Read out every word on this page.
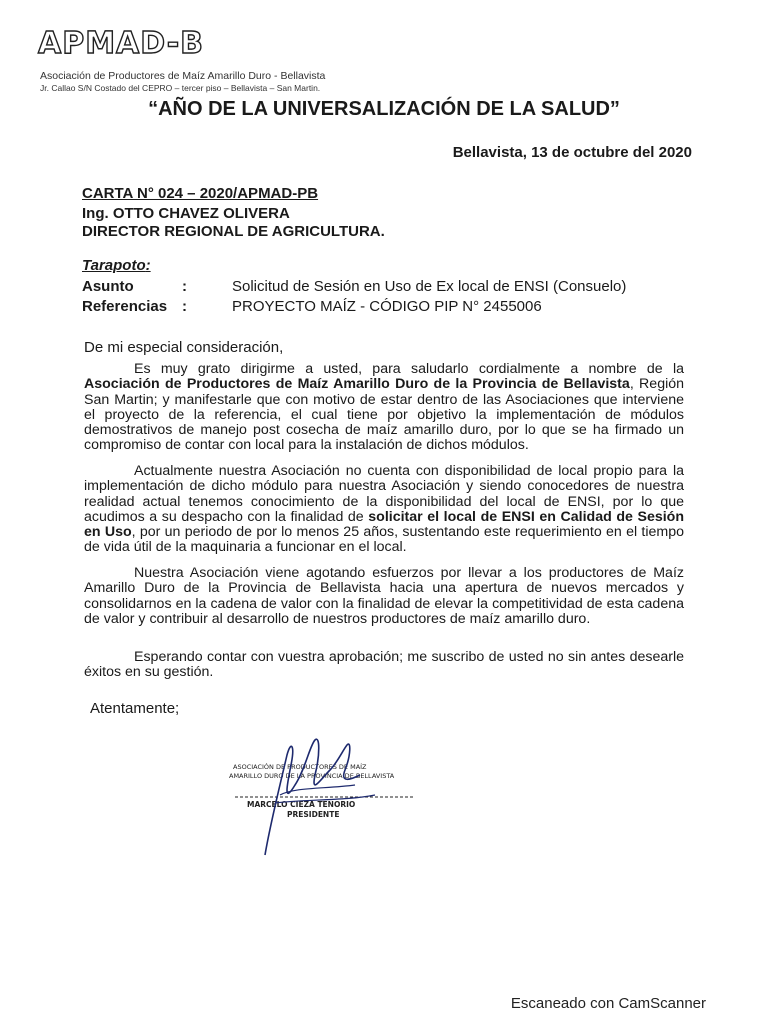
APMAD-B
Asociación de Productores de Maíz Amarillo Duro - Bellavista
Jr. Callao S/N Costado del CEPRO – tercer piso – Bellavista – San Martin.
“AÑO DE LA UNIVERSALIZACIÓN DE LA SALUD”
Bellavista, 13 de octubre del 2020
CARTA N° 024 – 2020/APMAD-PB
Ing. OTTO CHAVEZ OLIVERA
DIRECTOR REGIONAL DE AGRICULTURA.
Tarapoto:
Asunto	:	Solicitud de Sesión en Uso de Ex local de ENSI (Consuelo)
Referencias :	PROYECTO MAÍZ - CÓDIGO PIP N° 2455006
De mi especial consideración,
Es muy grato dirigirme a usted, para saludarlo cordialmente a nombre de la Asociación de Productores de Maíz Amarillo Duro de la Provincia de Bellavista, Región San Martin; y manifestarle que con motivo de estar dentro de las Asociaciones que interviene el proyecto de la referencia, el cual tiene por objetivo la implementación de módulos demostrativos de manejo post cosecha de maíz amarillo duro, por lo que se ha firmado un compromiso de contar con local para la instalación de dichos módulos.
Actualmente nuestra Asociación no cuenta con disponibilidad de local propio para la implementación de dicho módulo para nuestra Asociación y siendo conocedores de nuestra realidad actual tenemos conocimiento de la disponibilidad del local de ENSI, por lo que acudimos a su despacho con la finalidad de solicitar el local de ENSI en Calidad de Sesión en Uso, por un periodo de por lo menos 25 años, sustentando este requerimiento en el tiempo de vida útil de la maquinaria a funcionar en el local.
Nuestra Asociación viene agotando esfuerzos por llevar a los productores de Maíz Amarillo Duro de la Provincia de Bellavista hacia una apertura de nuevos mercados y consolidarnos en la cadena de valor con la finalidad de elevar la competitividad de esta cadena de valor y contribuir al desarrollo de nuestros productores de maíz amarillo duro.
Esperando contar con vuestra aprobación; me suscribo de usted no sin antes desearle éxitos en su gestión.
Atentamente;
ASOCIACIÓN DE PRODUCTORES DE MAÍZ
AMARILLO DURO DE LA PROVINCIA DE BELLAVISTA
MARCELO CIEZA TENORIO
PRESIDENTE
Escaneado con CamScanner
